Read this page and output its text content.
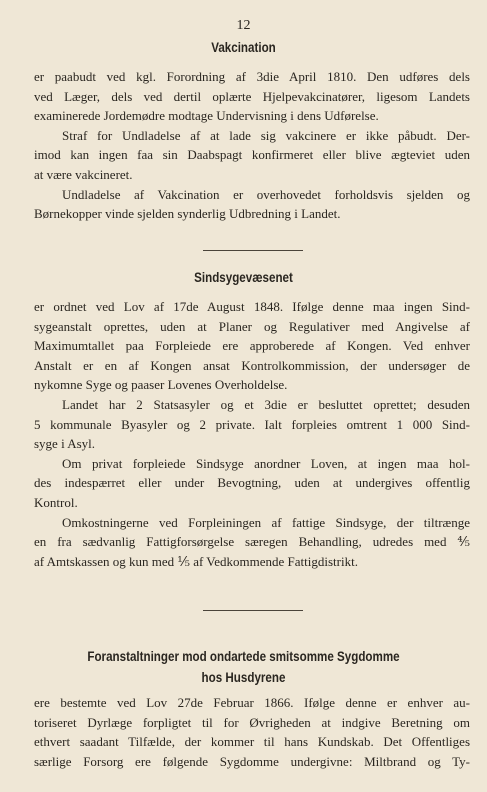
12
Vakcination
er paabudt ved kgl. Forordning af 3die April 1810. Den udføres dels
ved Læger, dels ved dertil oplærte Hjelpevakcinatører, ligesom Landets
examinerede Jordemødre modtage Undervisning i dens Udførelse.
Straf for Undladelse af at lade sig vakcinere er ikke påbudt. Der-
imod kan ingen faa sin Daabspagt konfirmeret eller blive ægteviet uden
at være vakcineret.
Undladelse af Vakcination er overhovedet forholdsvis sjelden og
Børnekopper vinde sjelden synderlig Udbredning i Landet.
Sindsygevæsenet
er ordnet ved Lov af 17de August 1848. Ifølge denne maa ingen Sind-
sygeanstalt oprettes, uden at Planer og Regulativer med Angivelse af
Maximumtallet paa Forpleiede ere approberede af Kongen. Ved enhver
Anstalt er en af Kongen ansat Kontrolkommission, der undersøger de
nykomne Syge og paaser Lovenes Overholdelse.
Landet har 2 Statsasyler og et 3die er besluttet oprettet; desuden
5 kommunale Byasyler og 2 private. Ialt forpleies omtrent 1 000 Sind-
syge i Asyl.
Om privat forpleiede Sindsyge anordner Loven, at ingen maa hol-
des indespærret eller under Bevogtning, uden at undergives offentlig
Kontrol.
Omkostningerne ved Forpleiningen af fattige Sindsyge, der tiltrænge
en fra sædvanlig Fattigforsørgelse særegen Behandling, udredes med ⅘
af Amtskassen og kun med ⅕ af Vedkommende Fattigdistrikt.
Foranstaltninger mod ondartede smitsomme Sygdomme hos Husdyrene
ere bestemte ved Lov 27de Februar 1866. Ifølge denne er enhver au-
toriseret Dyrlæge forpligtet til for Øvrigheden at indgive Beretning om
ethvert saadant Tilfælde, der kommer til hans Kundskab. Det Offentliges
særlige Forsorg ere følgende Sygdomme undergivne: Miltbrand og Ty-
